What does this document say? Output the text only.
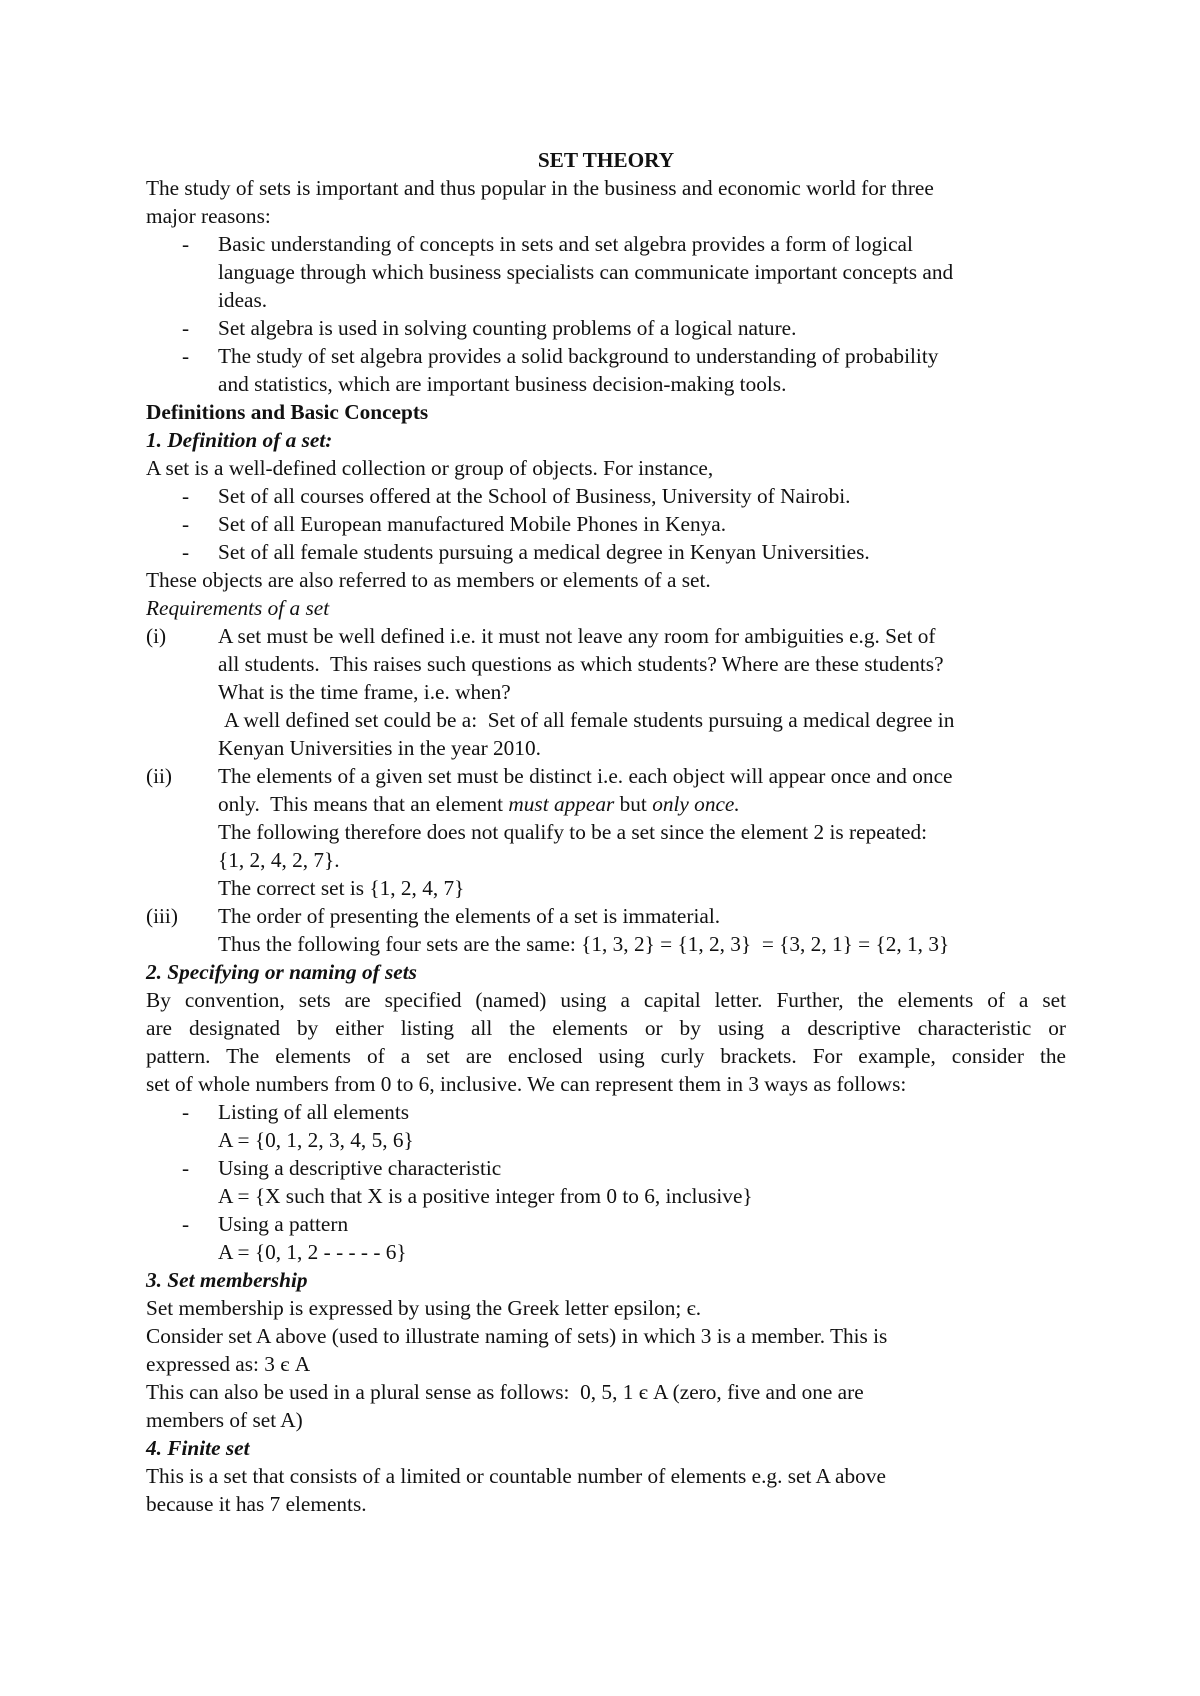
SET THEORY

The study of sets is important and thus popular in the business and economic world for three

major reasons:

- Basic understanding of concepts in sets and set algebra provides a form of logical

language through which business specialists can communicate important concepts and

ideas.

- Set algebra is used in solving counting problems of a logical nature.

- The study of set algebra provides a solid background to understanding of probability

and statistics, which are important business decision-making tools.

Definitions and Basic Concepts

1. Definition of a set:

A set is a well-defined collection or group of objects. For instance,

- Set of all courses offered at the School of Business, University of Nairobi.

- Set of all European manufactured Mobile Phones in Kenya.

- Set of all female students pursuing a medical degree in Kenyan Universities.

These objects are also referred to as members or elements of a set.

Requirements of a set

(i) A set must be well defined i.e. it must not leave any room for ambiguities e.g. Set of

all students.  This raises such questions as which students? Where are these students?

What is the time frame, i.e. when?

A well defined set could be a:  Set of all female students pursuing a medical degree in

Kenyan Universities in the year 2010.

(ii) The elements of a given set must be distinct i.e. each object will appear once and once

only.  This means that an element must appear but only once.

The following therefore does not qualify to be a set since the element 2 is repeated:

{1, 2, 4, 2, 7}.

The correct set is {1, 2, 4, 7}

(iii) The order of presenting the elements of a set is immaterial.

Thus the following four sets are the same: {1, 3, 2} = {1, 2, 3}  = {3, 2, 1} = {2, 1, 3}

2. Specifying or naming of sets

By convention, sets are specified (named) using a capital letter. Further, the elements of a set

are designated by either listing all the elements or by using a descriptive characteristic or

pattern. The elements of a set are enclosed using curly brackets. For example, consider the

set of whole numbers from 0 to 6, inclusive. We can represent them in 3 ways as follows:

- Listing of all elements

A = {0, 1, 2, 3, 4, 5, 6}

- Using a descriptive characteristic

A = {X such that X is a positive integer from 0 to 6, inclusive}

- Using a pattern

A = {0, 1, 2 - - - - - 6}

3. Set membership

Set membership is expressed by using the Greek letter epsilon; є.

Consider set A above (used to illustrate naming of sets) in which 3 is a member. This is

expressed as: 3 є A

This can also be used in a plural sense as follows:  0, 5, 1 є A (zero, five and one are

members of set A)

4. Finite set

This is a set that consists of a limited or countable number of elements e.g. set A above

because it has 7 elements.
